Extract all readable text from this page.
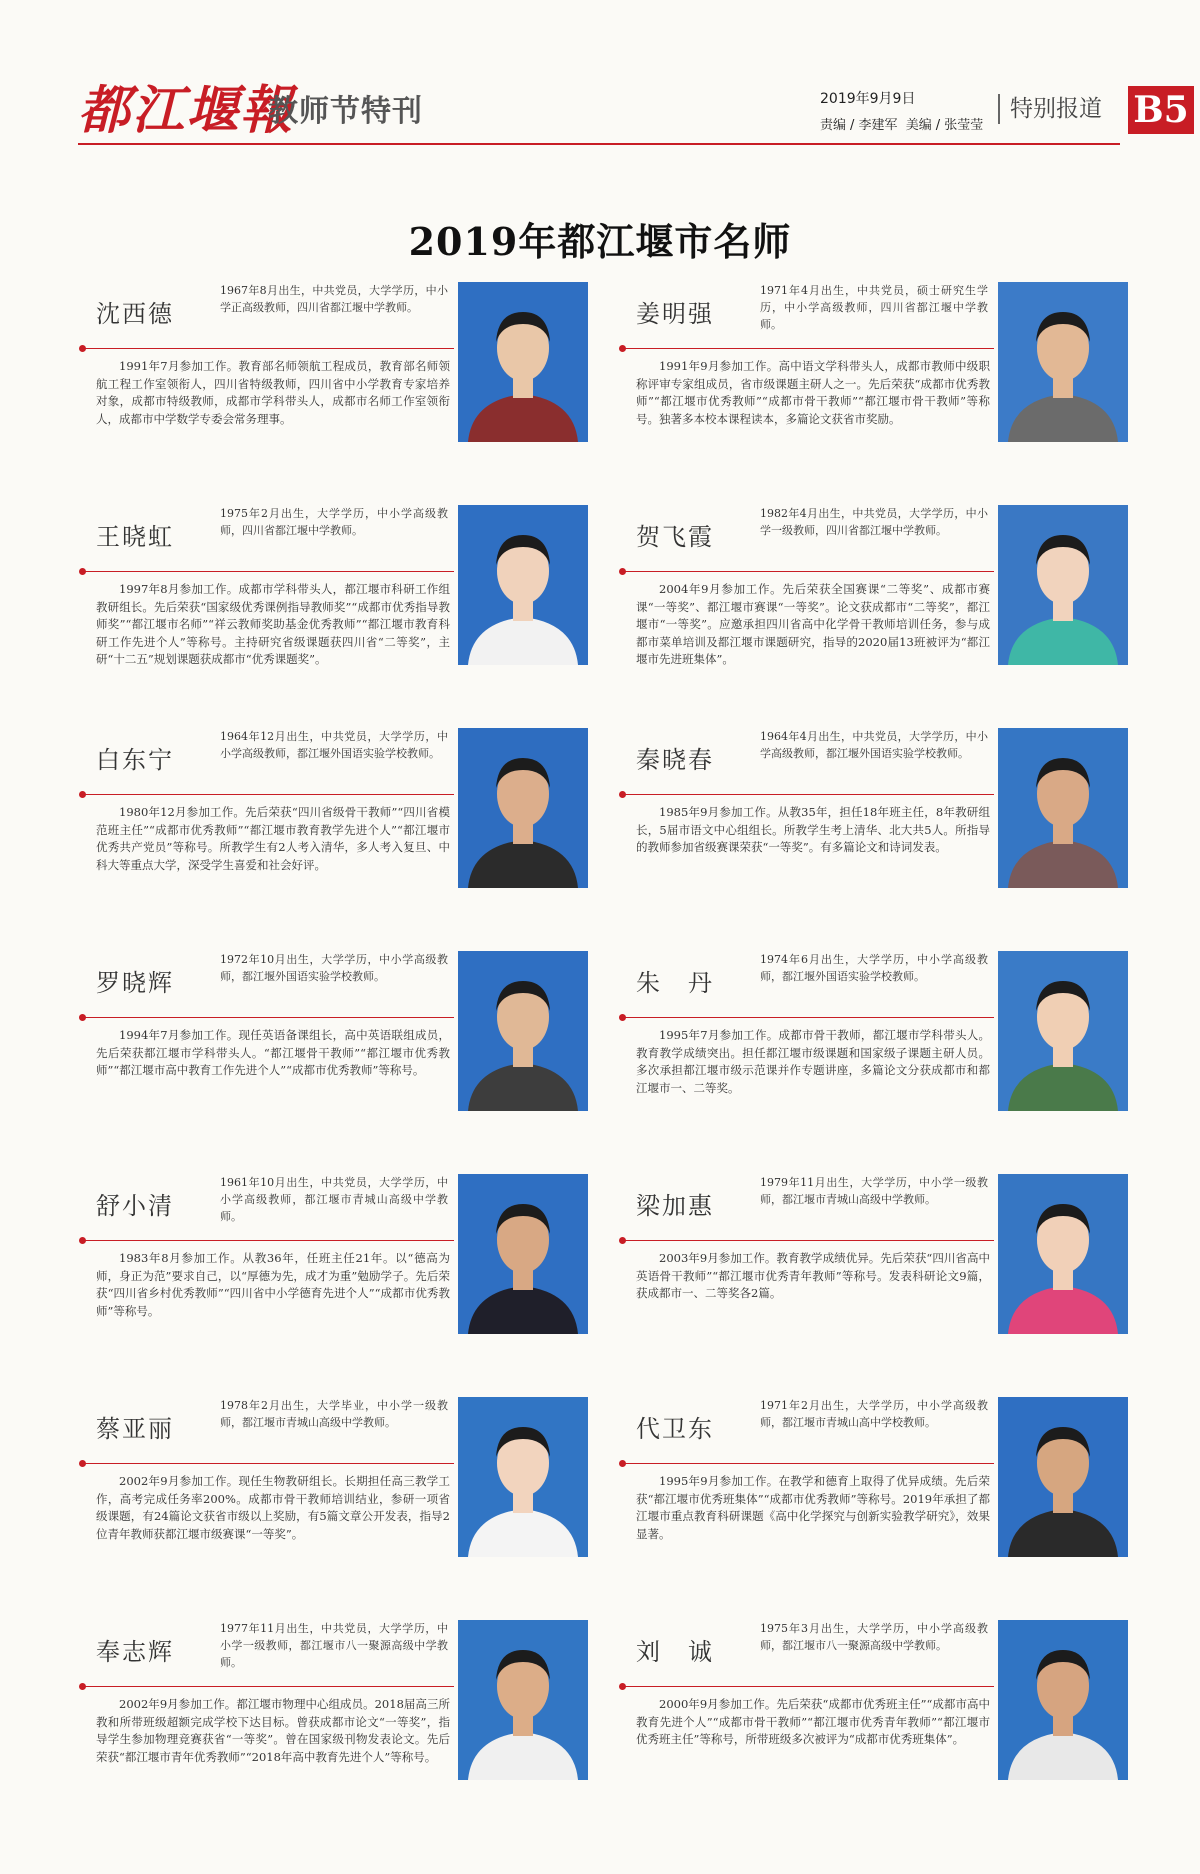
都江堰報
教师节特刊	2019年9月9日
责编 / 李建军 美编 / 张莹莹
特别报道 B5
2019年都江堰市名师
沈西德
1967年8月出生，中共党员，大学学历，中小学正高级教师，四川省都江堰中学教师。
1991年7月参加工作。教育部名师领航工程成员，教育部名师领航工程工作室领衔人，四川省特级教师，四川省中小学教育专家培养对象，成都市特级教师，成都市学科带头人，成都市名师工作室领衔人，成都市中学数学专委会常务理事。
姜明强
1971年4月出生，中共党员，硕士研究生学历，中小学高级教师，四川省都江堰中学教师。
1991年9月参加工作。高中语文学科带头人，成都市教师中级职称评审专家组成员，省市级课题主研人之一。先后荣获“成都市优秀教师”“都江堰市优秀教师”“成都市骨干教师”“都江堰市骨干教师”等称号。独著多本校本课程读本，多篇论文获省市奖励。
王晓虹
1975年2月出生，大学学历，中小学高级教师，四川省都江堰中学教师。
1997年8月参加工作。成都市学科带头人，都江堰市科研工作组教研组长。先后荣获“国家级优秀课例指导教师奖”“成都市优秀指导教师奖”“都江堰市名师”“祥云教师奖助基金优秀教师”“都江堰市教育科研工作先进个人”等称号。主持研究省级课题获四川省“二等奖”，主研“十二五”规划课题获成都市“优秀课题奖”。
贺飞霞
1982年4月出生，中共党员，大学学历，中小学一级教师，四川省都江堰中学教师。
2004年9月参加工作。先后荣获全国赛课“二等奖”、成都市赛课“一等奖”、都江堰市赛课“一等奖”。论文获成都市“二等奖”，都江堰市“一等奖”。应邀承担四川省高中化学骨干教师培训任务，参与成都市菜单培训及都江堰市课题研究，指导的2020届13班被评为“都江堰市先进班集体”。
白东宁
1964年12月出生，中共党员，大学学历，中小学高级教师，都江堰外国语实验学校教师。
1980年12月参加工作。先后荣获“四川省级骨干教师”“四川省模范班主任”“成都市优秀教师”“都江堰市教育教学先进个人”“都江堰市优秀共产党员”等称号。所教学生有2人考入清华，多人考入复旦、中科大等重点大学，深受学生喜爱和社会好评。
秦晓春
1964年4月出生，中共党员，大学学历，中小学高级教师，都江堰外国语实验学校教师。
1985年9月参加工作。从教35年，担任18年班主任，8年教研组长，5届市语文中心组组长。所教学生考上清华、北大共5人。所指导的教师参加省级赛课荣获“一等奖”。有多篇论文和诗词发表。
罗晓辉
1972年10月出生，大学学历，中小学高级教师，都江堰外国语实验学校教师。
1994年7月参加工作。现任英语备课组长，高中英语联组成员，先后荣获都江堰市学科带头人。“都江堰骨干教师”“都江堰市优秀教师”“都江堰市高中教育工作先进个人”“成都市优秀教师”等称号。
朱　丹
1974年6月出生，大学学历，中小学高级教师，都江堰外国语实验学校教师。
1995年7月参加工作。成都市骨干教师，都江堰市学科带头人。教育教学成绩突出。担任都江堰市级课题和国家级子课题主研人员。多次承担都江堰市级示范课并作专题讲座，多篇论文分获成都市和都江堰市一、二等奖。
舒小清
1961年10月出生，中共党员，大学学历，中小学高级教师，都江堰市青城山高级中学教师。
1983年8月参加工作。从教36年，任班主任21年。以“德高为师，身正为范”要求自己，以“厚德为先，成才为重”勉励学子。先后荣获“四川省乡村优秀教师”“四川省中小学德育先进个人”“成都市优秀教师”等称号。
梁加惠
1979年11月出生，大学学历，中小学一级教师，都江堰市青城山高级中学教师。
2003年9月参加工作。教育教学成绩优异。先后荣获“四川省高中英语骨干教师”“都江堰市优秀青年教师”等称号。发表科研论文9篇，获成都市一、二等奖各2篇。
蔡亚丽
1978年2月出生，大学毕业，中小学一级教师，都江堰市青城山高级中学教师。
2002年9月参加工作。现任生物教研组长。长期担任高三教学工作，高考完成任务率200%。成都市骨干教师培训结业，参研一项省级课题，有24篇论文获省市级以上奖励，有5篇文章公开发表，指导2位青年教师获都江堰市级赛课“一等奖”。
代卫东
1971年2月出生，大学学历，中小学高级教师，都江堰市青城山高中学校教师。
1995年9月参加工作。在教学和德育上取得了优异成绩。先后荣获“都江堰市优秀班集体”“成都市优秀教师”等称号。2019年承担了都江堰市重点教育科研课题《高中化学探究与创新实验教学研究》，效果显著。
奉志辉
1977年11月出生，中共党员，大学学历，中小学一级教师，都江堰市八一聚源高级中学教师。
2002年9月参加工作。都江堰市物理中心组成员。2018届高三所教和所带班级超额完成学校下达目标。曾获成都市论文“一等奖”，指导学生参加物理竞赛获省“一等奖”。曾在国家级刊物发表论文。先后荣获“都江堰市青年优秀教师”“2018年高中教育先进个人”等称号。
刘　诚
1975年3月出生，大学学历，中小学高级教师，都江堰市八一聚源高级中学教师。
2000年9月参加工作。先后荣获“成都市优秀班主任”“成都市高中教育先进个人”“成都市骨干教师”“都江堰市优秀青年教师”“都江堰市优秀班主任”等称号，所带班级多次被评为“成都市优秀班集体”。
